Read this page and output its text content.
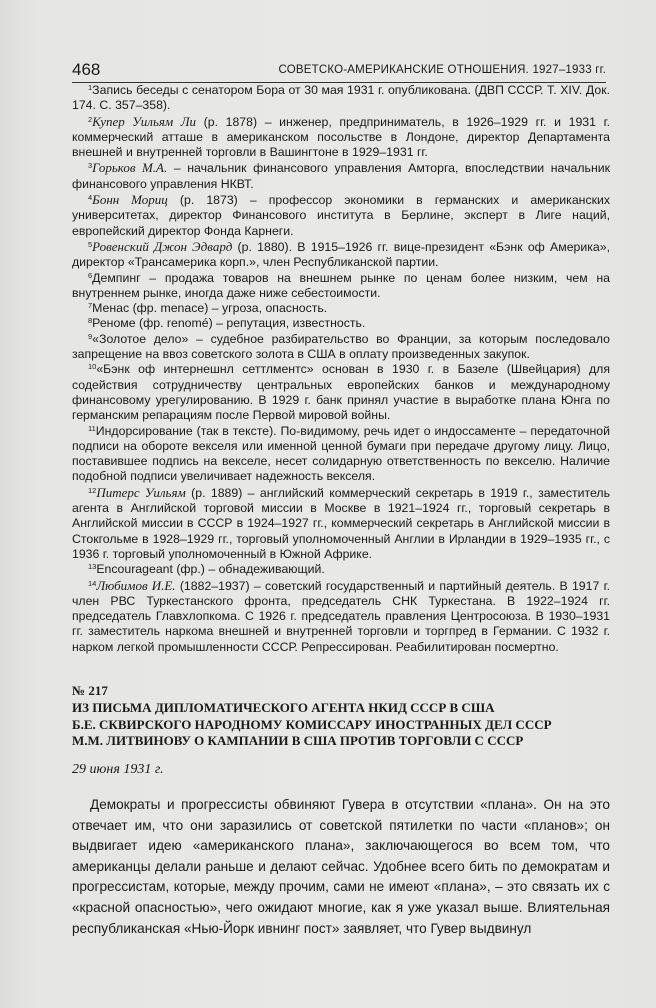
468	СОВЕТСКО-АМЕРИКАНСКИЕ ОТНОШЕНИЯ. 1927–1933 гг.

$^1$Запись беседы с сенатором Бора от 30 мая 1931 г. опубликована. (ДВП СССР. Т. XIV. Док. 174. С. 357–358).

$^2$Купер Уильям Ли (р. 1878) – инженер, предприниматель, в 1926–1929 гг. и 1931 г. коммерческий атташе в американском посольстве в Лондоне, директор Департамента внешней и внутренней торговли в Вашингтоне в 1929–1931 гг.

$^3$Горьков М.А. – начальник финансового управления Амторга, впоследствии начальник финансового управления НКВТ.

$^4$Бонн Мориц (р. 1873) – профессор экономики в германских и американских университетах, директор Финансового института в Берлине, эксперт в Лиге наций, европейский директор Фонда Карнеги.

$^5$Ровенский Джон Эдвард (р. 1880). В 1915–1926 гг. вице-президент «Бэнк оф Америка», директор «Трансамерика корп.», член Республиканской партии.

$^6$Демпинг – продажа товаров на внешнем рынке по ценам более низким, чем на внутреннем рынке, иногда даже ниже себестоимости.

$^7$Менас (фр. menace) – угроза, опасность.

$^8$Реноме (фр. renomé) – репутация, известность.

$^9$«Золотое дело» – судебное разбирательство во Франции, за которым последовало запрещение на ввоз советского золота в США в оплату произведенных закупок.

$^{10}$«Бэнк оф интернешнл сеттлментс» основан в 1930 г. в Базеле (Швейцария) для содействия сотрудничеству центральных европейских банков и международному финансовому урегулированию. В 1929 г. банк принял участие в выработке плана Юнга по германским репарациям после Первой мировой войны.

$^{11}$Индорсирование (так в тексте). По-видимому, речь идет о индоссаменте – передаточной подписи на обороте векселя или именной ценной бумаги при передаче другому лицу. Лицо, поставившее подпись на векселе, несет солидарную ответственность по векселю. Наличие подобной подписи увеличивает надежность векселя.

$^{12}$Питерс Уильям (р. 1889) – английский коммерческий секретарь в 1919 г., заместитель агента в Английской торговой миссии в Москве в 1921–1924 гг., торговый секретарь в Английской миссии в СССР в 1924–1927 гг., коммерческий секретарь в Английской миссии в Стокгольме в 1928–1929 гг., торговый уполномоченный Англии в Ирландии в 1929–1935 гг., с 1936 г. торговый уполномоченный в Южной Африке.

$^{13}$Encourageant (фр.) – обнадеживающий.

$^{14}$Любимов И.Е. (1882–1937) – советский государственный и партийный деятель. В 1917 г. член РВС Туркестанского фронта, председатель СНК Туркестана. В 1922–1924 гг. председатель Главхлопкома. С 1926 г. председатель правления Центросоюза. В 1930–1931 гг. заместитель наркома внешней и внутренней торговли и торгпред в Германии. С 1932 г. нарком легкой промышленности СССР. Репрессирован. Реабилитирован посмертно.

№ 217
ИЗ ПИСЬМА ДИПЛОМАТИЧЕСКОГО АГЕНТА НКИД СССР В США
Б.Е. СКВИРСКОГО НАРОДНОМУ КОМИССАРУ ИНОСТРАННЫХ ДЕЛ СССР
М.М. ЛИТВИНОВУ О КАМПАНИИ В США ПРОТИВ ТОРГОВЛИ С СССР
29 июня 1931 г.

Демократы и прогрессисты обвиняют Гувера в отсутствии «плана». Он на это отвечает им, что они заразились от советской пятилетки по части «планов»; он выдвигает идею «американского плана», заключающегося во всем том, что американцы делали раньше и делают сейчас. Удобнее всего бить по демократам и прогрессистам, которые, между прочим, сами не имеют «плана», – это связать их с «красной опасностью», чего ожидают многие, как я уже указал выше. Влиятельная республиканская «Нью-Йорк ивнинг пост» заявляет, что Гувер выдвинул
